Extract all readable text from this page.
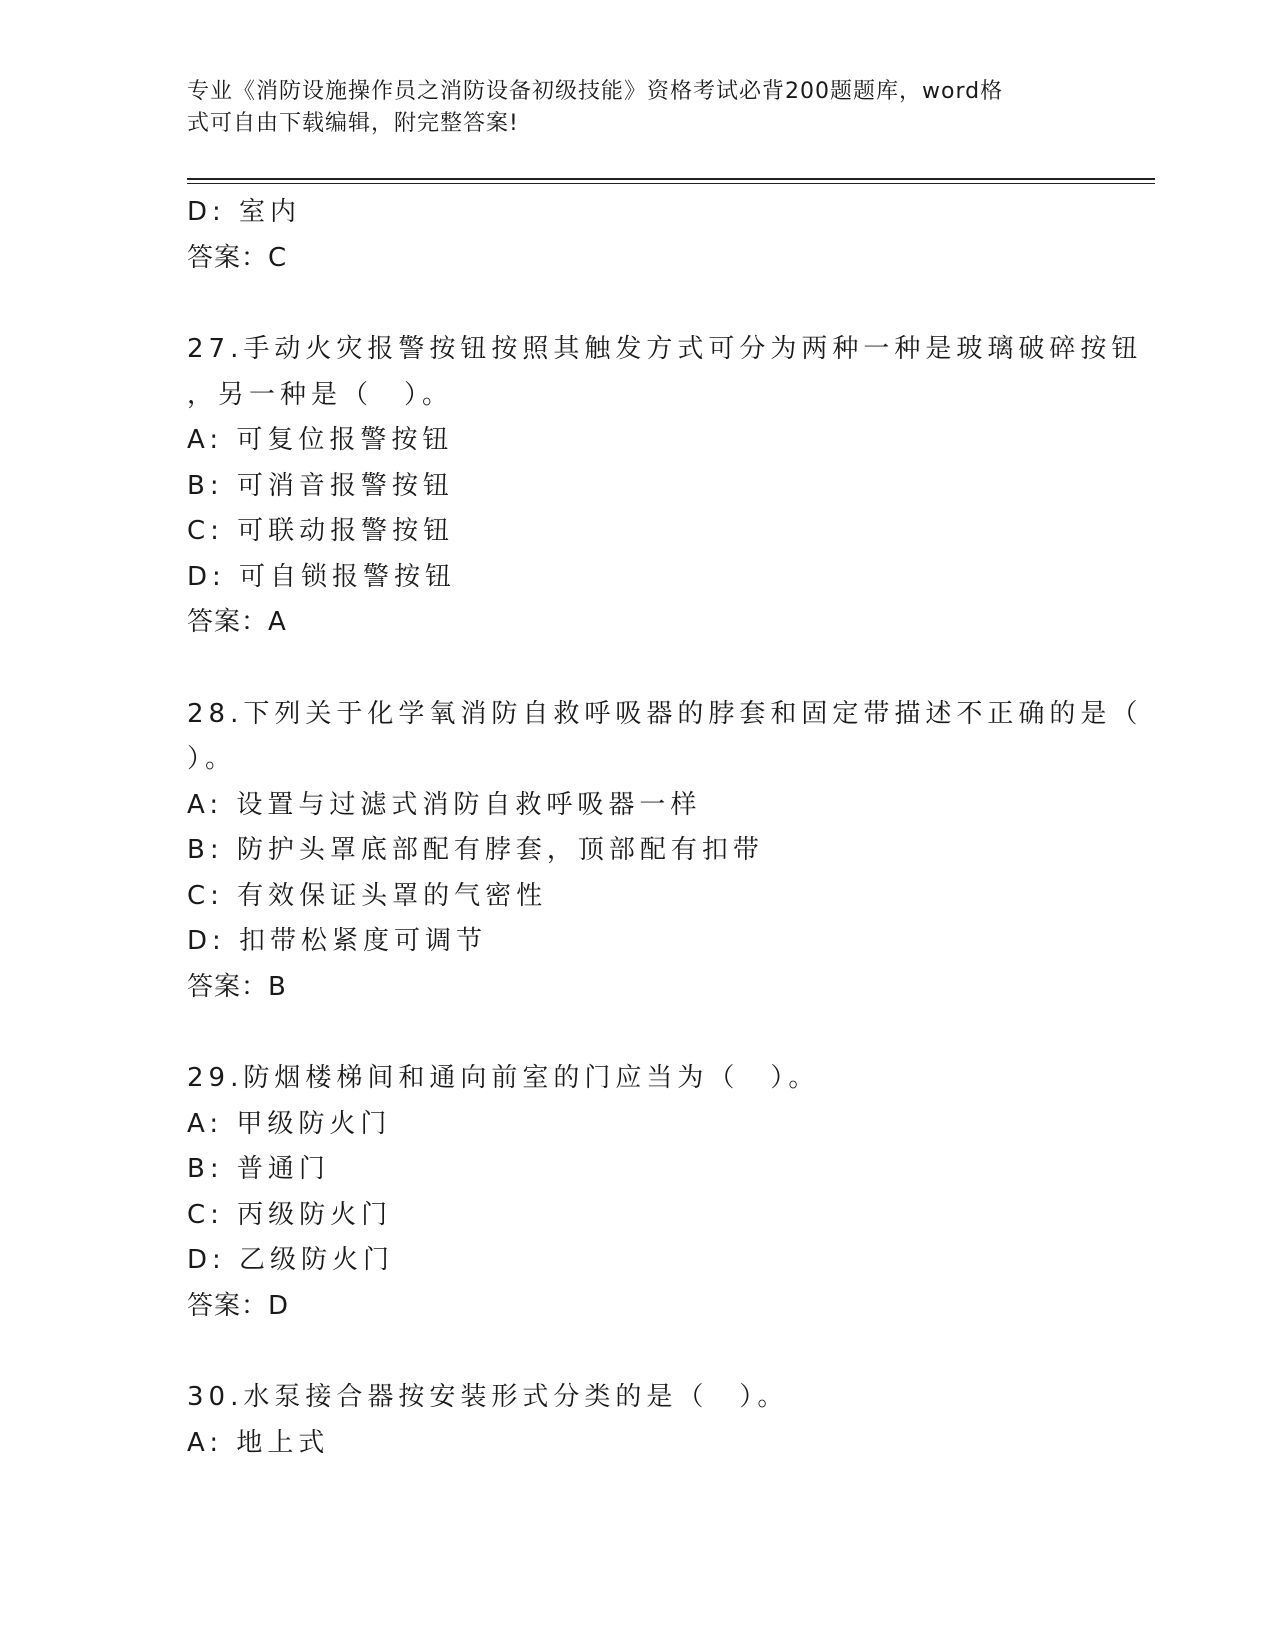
专业《消防设施操作员之消防设备初级技能》资格考试必背200题题库，word格
式可自由下载编辑，附完整答案!
D: 室内
答案：C
27.手动火灾报警按钮按照其触发方式可分为两种一种是玻璃破碎按钮
，另一种是（　）。
A: 可复位报警按钮
B: 可消音报警按钮
C: 可联动报警按钮
D: 可自锁报警按钮
答案：A
28.下列关于化学氧消防自救呼吸器的脖套和固定带描述不正确的是（
）。
A: 设置与过滤式消防自救呼吸器一样
B: 防护头罩底部配有脖套，顶部配有扣带
C: 有效保证头罩的气密性
D: 扣带松紧度可调节
答案：B
29.防烟楼梯间和通向前室的门应当为（　）。
A: 甲级防火门
B: 普通门
C: 丙级防火门
D: 乙级防火门
答案：D
30.水泵接合器按安装形式分类的是（　）。
A: 地上式
